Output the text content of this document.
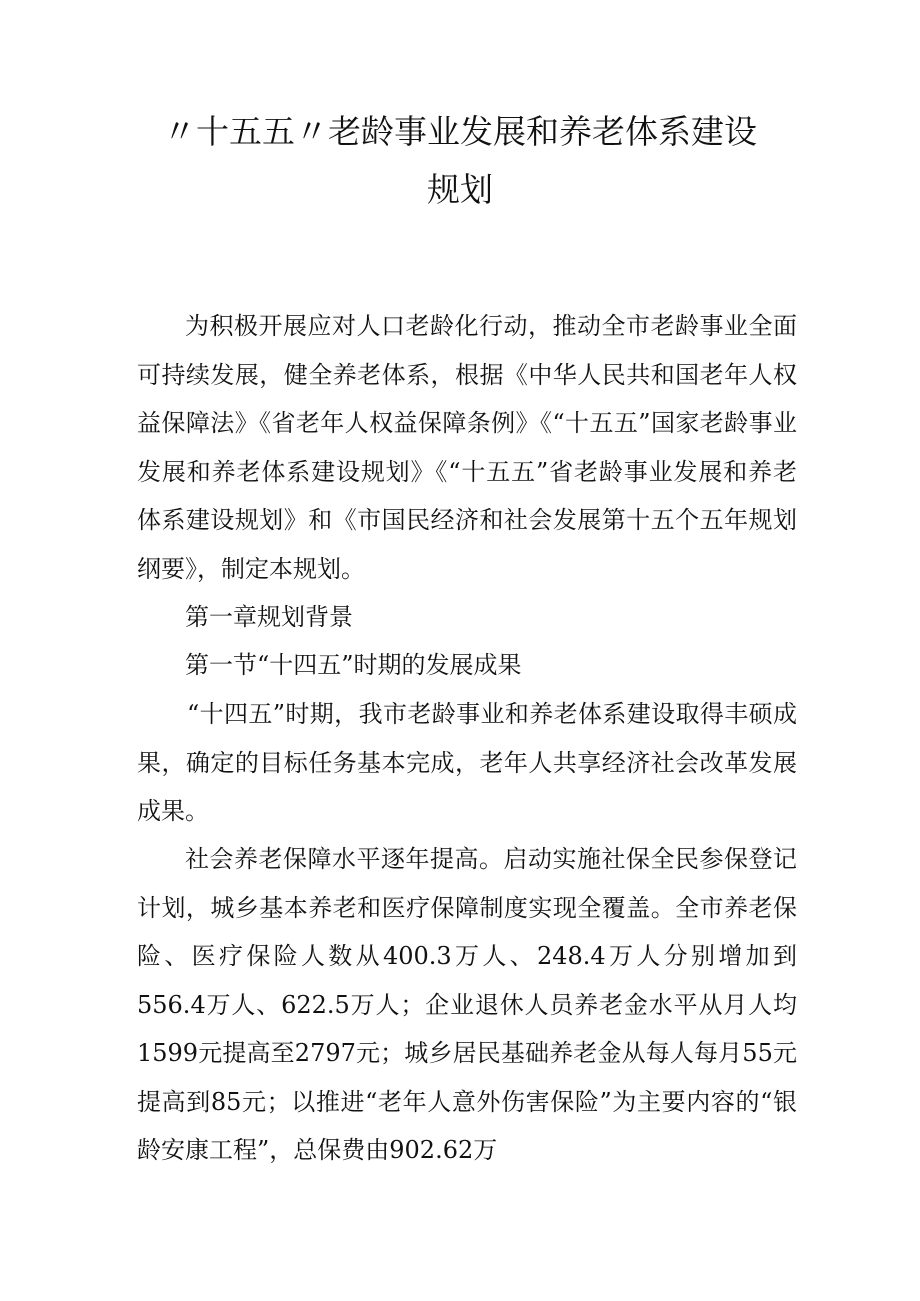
〃十五五〃老龄事业发展和养老体系建设
规划

为积极开展应对人口老龄化行动，推动全市老龄事业全面可持续发展，健全养老体系，根据《中华人民共和国老年人权益保障法》《省老年人权益保障条例》《“十五五”国家老龄事业发展和养老体系建设规划》《“十五五”省老龄事业发展和养老体系建设规划》和《市国民经济和社会发展第十五个五年规划纲要》，制定本规划。

第一章规划背景

第一节“十四五”时期的发展成果

“十四五”时期，我市老龄事业和养老体系建设取得丰硕成果，确定的目标任务基本完成，老年人共享经济社会改革发展成果。

社会养老保障水平逐年提高。启动实施社保全民参保登记计划，城乡基本养老和医疗保障制度实现全覆盖。全市养老保险、医疗保险人数从400.3万人、248.4万人分别增加到556.4万人、622.5万人；企业退休人员养老金水平从月人均1599元提高至2797元；城乡居民基础养老金从每人每月55元提高到85元；以推进“老年人意外伤害保险”为主要内容的“银龄安康工程”，总保费由902.62万
